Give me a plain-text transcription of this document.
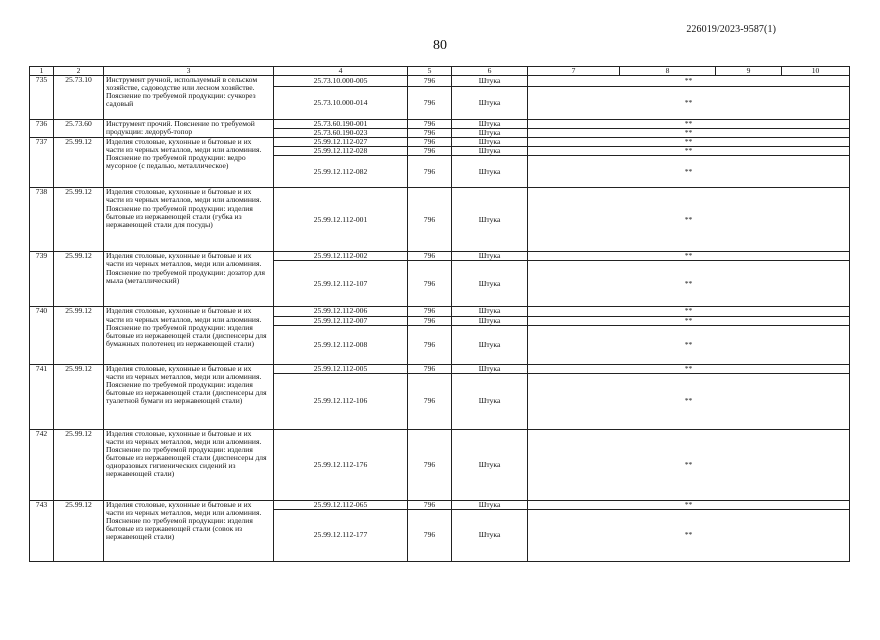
226019/2023-9587(1)
80
1	2	3	4	5	6	7	8	9	10
735	25.73.10	Инструмент ручной, используемый в сельском хозяйстве, садоводстве или лесном хозяйстве. Пояснение по требуемой продукции: сучкорез садовый	25.73.10.000-005	796	Штука	**			
			25.73.10.000-014	796	Штука	**			
736	25.73.60	Инструмент прочий. Пояснение по требуемой продукции: ледоруб-топор	25.73.60.190-001	796	Штука	**			
			25.73.60.190-023	796	Штука	**			
737	25.99.12	Изделия столовые, кухонные и бытовые и их части из черных металлов, меди или алюминия. Пояснение по требуемой продукции: ведро мусорное (с педалью, металлическое)	25.99.12.112-027	796	Штука	**			
			25.99.12.112-028	796	Штука	**			
			25.99.12.112-082	796	Штука	**			
738	25.99.12	Изделия столовые, кухонные и бытовые и их части из черных металлов, меди или алюминия. Пояснение по требуемой продукции: изделия бытовые из нержавеющей стали (губка из нержавеющей стали для посуды)	25.99.12.112-001	796	Штука	**			
739	25.99.12	Изделия столовые, кухонные и бытовые и их части из черных металлов, меди или алюминия. Пояснение по требуемой продукции: дозатор для мыла (металлический)	25.99.12.112-002	796	Штука	**			
			25.99.12.112-107	796	Штука	**			
740	25.99.12	Изделия столовые, кухонные и бытовые и их части из черных металлов, меди или алюминия. Пояснение по требуемой продукции: изделия бытовые из нержавеющей стали (диспенсеры для бумажных полотенец из нержавеющей стали)	25.99.12.112-006	796	Штука	**			
			25.99.12.112-007	796	Штука	**			
			25.99.12.112-008	796	Штука	**			
741	25.99.12	Изделия столовые, кухонные и бытовые и их части из черных металлов, меди или алюминия. Пояснение по требуемой продукции: изделия бытовые из нержавеющей стали (диспенсеры для туалетной бумаги из нержавеющей стали)	25.99.12.112-005	796	Штука	**			
			25.99.12.112-106	796	Штука	**			
742	25.99.12	Изделия столовые, кухонные и бытовые и их части из черных металлов, меди или алюминия. Пояснение по требуемой продукции: изделия бытовые из нержавеющей стали (диспенсеры для одноразовых гигиенических сидений из нержавеющей стали)	25.99.12.112-176	796	Штука	**			
743	25.99.12	Изделия столовые, кухонные и бытовые и их части из черных металлов, меди или алюминия. Пояснение по требуемой продукции: изделия бытовые из нержавеющей стали (совок из нержавеющей стали)	25.99.12.112-065	796	Штука	**			
			25.99.12.112-177	796	Штука	**			
